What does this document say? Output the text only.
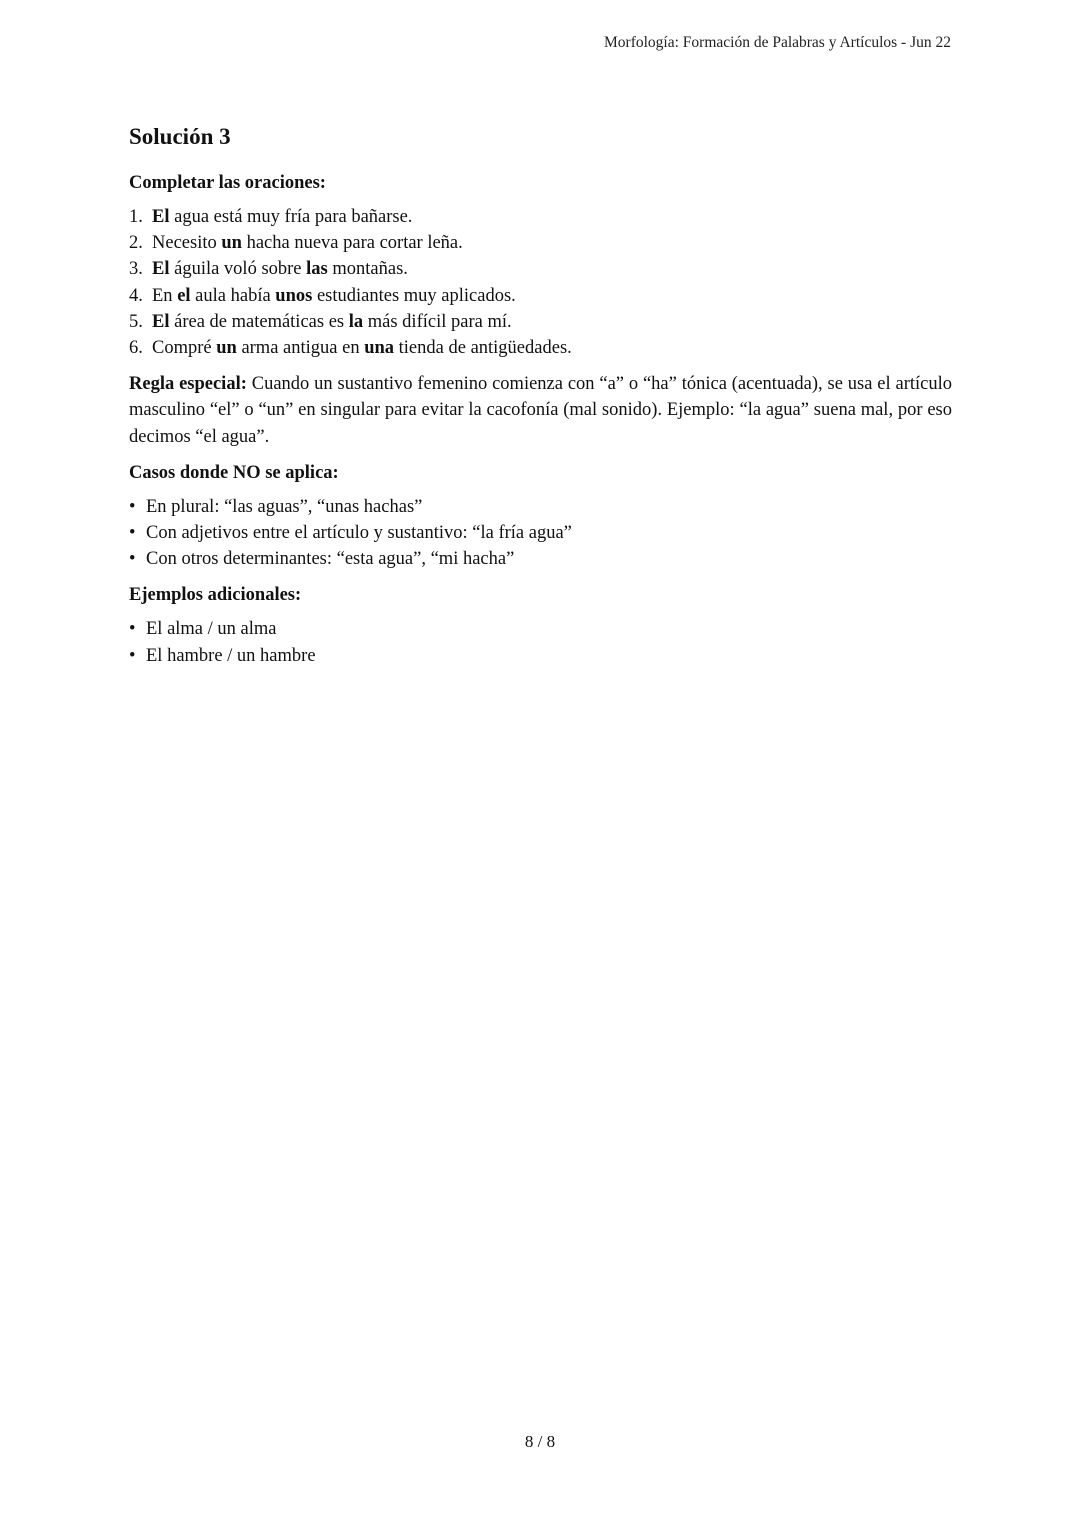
Morfología: Formación de Palabras y Artículos - Jun 22
Solución 3

Completar las oraciones:

1. El agua está muy fría para bañarse.
2. Necesito un hacha nueva para cortar leña.
3. El águila voló sobre las montañas.
4. En el aula había unos estudiantes muy aplicados.
5. El área de matemáticas es la más difícil para mí.
6. Compré un arma antigua en una tienda de antigüedades.

Regla especial: Cuando un sustantivo femenino comienza con “a” o “ha” tónica (acentuada), se usa el artículo masculino “el” o “un” en singular para evitar la cacofonía (mal sonido). Ejemplo: “la agua” suena mal, por eso decimos “el agua”.

Casos donde NO se aplica:

• En plural: “las aguas”, “unas hachas”
• Con adjetivos entre el artículo y sustantivo: “la fría agua”
• Con otros determinantes: “esta agua”, “mi hacha”

Ejemplos adicionales:

• El alma / un alma
• El hambre / un hambre
8 / 8
